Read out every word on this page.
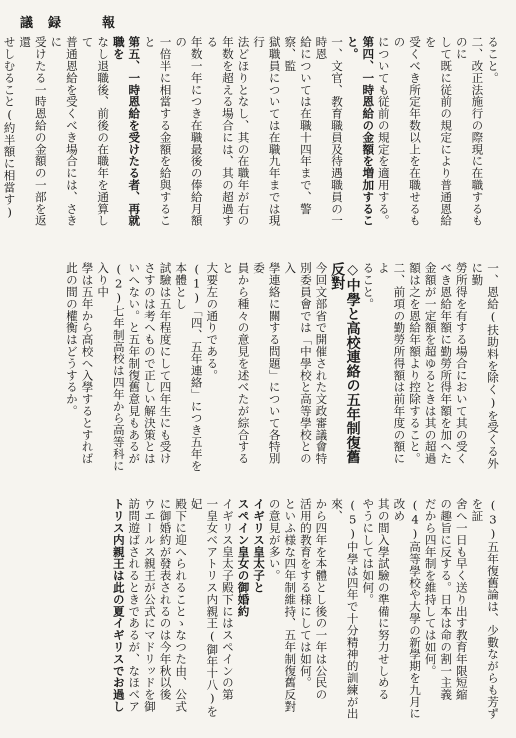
議　録	報
ること。
二、改正法施行の際現に在職するものに
して既に従前の規定により普通恩給を
受くべき所定年数以上を在職せるもの
についても従前の規定を適用する。
第四、一時恩給の金額を増加すること。
一、文官、教育職員及待遇職員の一時恩
給については在職十四年まで、警察、監
獄職員については在職九年までは現行
法どほりとなし、其の在職年が右の
年数を超える場合には、其の超過する
年数一年につき在職最後の俸給月額の
一倍半に相當する金額を給與すること
第五、一時恩給を受けたる者、再就職を
なし退職後、前後の在職年を通算して
普通恩給を受くべき場合には、さきに
受けたる一時恩給の金額の一部を返還
せしむること(約半額に相當す)
一、恩給(扶助料を除く)を受くる外に勤
勞所得を有する場合において其の受く
べき恩給年額に勤勞所得年額を加へた
金額が一定額を超ゆるときは其の超過
額は之を恩給年額より控除すること。
二、前項の勤勞所得額は前年度の額によ
ること。
◇中學と高校連絡の五年制復舊反對
今回文部省で開催された文政審議會特
別委員會では「中學校と高等學校との入
學連絡に關する問題」について各特別委
員から種々の意見を述べたが綜合すると
大要左の通りである。
(1)「四、五年連絡」につき五年を本體とし
試驗は五年程度にして四年生にも受け
さすのは考へもので正しい解決策とは
いへない。と五年制復舊意見もあるが
(2)七年制高校は四年から高等科に入り中
學は五年から高校へ入學するとすれば
此の間の權衡はどうするか。
(3)五年復舊論は、少數ながらも芳ずを証
舍へ一日も早く送り出す教育年限短縮
の趣旨に反する。日本は命の割一主義
だから四年制を維持しては如何。
(4)高等學校や大學の新學期を九月に改め
其の間入學試驗の準備に努力せしめる
やうにしては如何。
(5)中學は四年で十分精神的訓練が出來、
から四年を本體とし後の一年は公民の
活用的教育をする様にしては如何。
といふ様な四年制維持、五年制復舊反對
の意見が多い。
イギリス皇太子と
スペイン皇女の御婚約
イギリス皇太子殿下にはスペインの第
一皇女ベアトリス内親王(御年十八)を妃
殿下に迎へられることゝなつた由、公式
に御婚約が發表されるのは今年秋以後
ウエールス親王が公式にマドリッドを御
訪問遊ばされるときであるが、なほベア
トリス内親王は此の夏イギリスでお過し
